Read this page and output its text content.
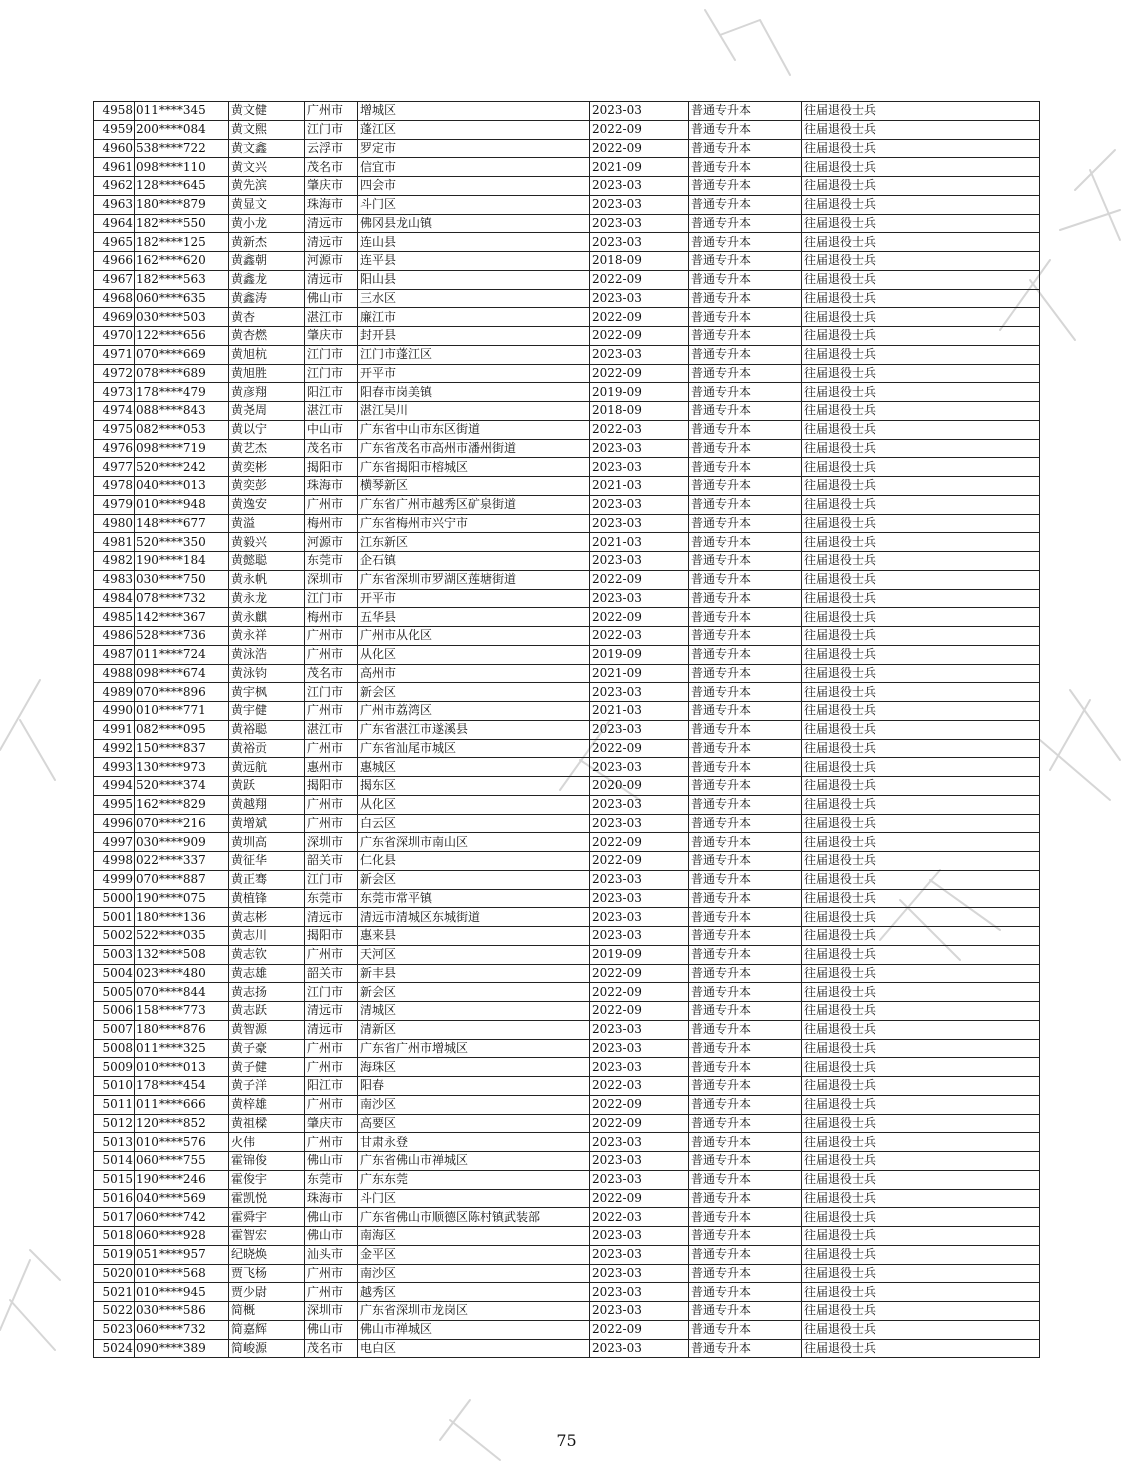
4958	011****345	黄文健	广州市	增城区	2023-03	普通专升本	往届退役士兵
4959	200****084	黄文熙	江门市	蓬江区	2022-09	普通专升本	往届退役士兵
4960	538****722	黄文鑫	云浮市	罗定市	2022-09	普通专升本	往届退役士兵
4961	098****110	黄文兴	茂名市	信宜市	2021-09	普通专升本	往届退役士兵
4962	128****645	黄先滨	肇庆市	四会市	2023-03	普通专升本	往届退役士兵
4963	180****879	黄显文	珠海市	斗门区	2023-03	普通专升本	往届退役士兵
4964	182****550	黄小龙	清远市	佛冈县龙山镇	2023-03	普通专升本	往届退役士兵
4965	182****125	黄新杰	清远市	连山县	2023-03	普通专升本	往届退役士兵
4966	162****620	黄鑫朝	河源市	连平县	2018-09	普通专升本	往届退役士兵
4967	182****563	黄鑫龙	清远市	阳山县	2022-09	普通专升本	往届退役士兵
4968	060****635	黄鑫涛	佛山市	三水区	2023-03	普通专升本	往届退役士兵
4969	030****503	黄杏	湛江市	廉江市	2022-09	普通专升本	往届退役士兵
4970	122****656	黄杏燃	肇庆市	封开县	2022-09	普通专升本	往届退役士兵
4971	070****669	黄旭杭	江门市	江门市蓬江区	2023-03	普通专升本	往届退役士兵
4972	078****689	黄旭胜	江门市	开平市	2022-09	普通专升本	往届退役士兵
4973	178****479	黄彦翔	阳江市	阳春市岗美镇	2019-09	普通专升本	往届退役士兵
4974	088****843	黄尧周	湛江市	湛江吴川	2018-09	普通专升本	往届退役士兵
4975	082****053	黄以宁	中山市	广东省中山市东区街道	2022-03	普通专升本	往届退役士兵
4976	098****719	黄艺杰	茂名市	广东省茂名市高州市潘州街道	2023-03	普通专升本	往届退役士兵
4977	520****242	黄奕彬	揭阳市	广东省揭阳市榕城区	2023-03	普通专升本	往届退役士兵
4978	040****013	黄奕彭	珠海市	横琴新区	2021-03	普通专升本	往届退役士兵
4979	010****948	黄逸安	广州市	广东省广州市越秀区矿泉街道	2023-03	普通专升本	往届退役士兵
4980	148****677	黄溢	梅州市	广东省梅州市兴宁市	2023-03	普通专升本	往届退役士兵
4981	520****350	黄毅兴	河源市	江东新区	2021-03	普通专升本	往届退役士兵
4982	190****184	黄懿聪	东莞市	企石镇	2023-03	普通专升本	往届退役士兵
4983	030****750	黄永帆	深圳市	广东省深圳市罗湖区莲塘街道	2022-09	普通专升本	往届退役士兵
4984	078****732	黄永龙	江门市	开平市	2023-03	普通专升本	往届退役士兵
4985	142****367	黄永麒	梅州市	五华县	2022-09	普通专升本	往届退役士兵
4986	528****736	黄永祥	广州市	广州市从化区	2022-03	普通专升本	往届退役士兵
4987	011****724	黄泳浩	广州市	从化区	2019-09	普通专升本	往届退役士兵
4988	098****674	黄泳钧	茂名市	高州市	2021-09	普通专升本	往届退役士兵
4989	070****896	黄宇枫	江门市	新会区	2023-03	普通专升本	往届退役士兵
4990	010****771	黄宇健	广州市	广州市荔湾区	2021-03	普通专升本	往届退役士兵
4991	082****095	黄裕聪	湛江市	广东省湛江市遂溪县	2023-03	普通专升本	往届退役士兵
4992	150****837	黄裕贡	广州市	广东省汕尾市城区	2022-09	普通专升本	往届退役士兵
4993	130****973	黄远航	惠州市	惠城区	2023-03	普通专升本	往届退役士兵
4994	520****374	黄跃	揭阳市	揭东区	2020-09	普通专升本	往届退役士兵
4995	162****829	黄越翔	广州市	从化区	2023-03	普通专升本	往届退役士兵
4996	070****216	黄增斌	广州市	白云区	2023-03	普通专升本	往届退役士兵
4997	030****909	黄圳高	深圳市	广东省深圳市南山区	2022-09	普通专升本	往届退役士兵
4998	022****337	黄征华	韶关市	仁化县	2022-09	普通专升本	往届退役士兵
4999	070****887	黄正骞	江门市	新会区	2023-03	普通专升本	往届退役士兵
5000	190****075	黄植锋	东莞市	东莞市常平镇	2023-03	普通专升本	往届退役士兵
5001	180****136	黄志彬	清远市	清远市清城区东城街道	2023-03	普通专升本	往届退役士兵
5002	522****035	黄志川	揭阳市	惠来县	2023-03	普通专升本	往届退役士兵
5003	132****508	黄志钦	广州市	天河区	2019-09	普通专升本	往届退役士兵
5004	023****480	黄志雄	韶关市	新丰县	2022-09	普通专升本	往届退役士兵
5005	070****844	黄志扬	江门市	新会区	2022-09	普通专升本	往届退役士兵
5006	158****773	黄志跃	清远市	清城区	2022-09	普通专升本	往届退役士兵
5007	180****876	黄智源	清远市	清新区	2023-03	普通专升本	往届退役士兵
5008	011****325	黄子豪	广州市	广东省广州市增城区	2023-03	普通专升本	往届退役士兵
5009	010****013	黄子健	广州市	海珠区	2023-03	普通专升本	往届退役士兵
5010	178****454	黄子洋	阳江市	阳春	2022-03	普通专升本	往届退役士兵
5011	011****666	黄梓雄	广州市	南沙区	2022-09	普通专升本	往届退役士兵
5012	120****852	黄祖樑	肇庆市	高要区	2022-09	普通专升本	往届退役士兵
5013	010****576	火伟	广州市	甘肃永登	2023-03	普通专升本	往届退役士兵
5014	060****755	霍锦俊	佛山市	广东省佛山市禅城区	2023-03	普通专升本	往届退役士兵
5015	190****246	霍俊宇	东莞市	广东东莞	2023-03	普通专升本	往届退役士兵
5016	040****569	霍凯悦	珠海市	斗门区	2022-09	普通专升本	往届退役士兵
5017	060****742	霍舜宇	佛山市	广东省佛山市顺德区陈村镇武装部	2022-03	普通专升本	往届退役士兵
5018	060****928	霍智宏	佛山市	南海区	2023-03	普通专升本	往届退役士兵
5019	051****957	纪晓焕	汕头市	金平区	2023-03	普通专升本	往届退役士兵
5020	010****568	贾飞杨	广州市	南沙区	2023-03	普通专升本	往届退役士兵
5021	010****945	贾少尉	广州市	越秀区	2023-03	普通专升本	往届退役士兵
5022	030****586	简概	深圳市	广东省深圳市龙岗区	2023-03	普通专升本	往届退役士兵
5023	060****732	简嘉辉	佛山市	佛山市禅城区	2022-09	普通专升本	往届退役士兵
5024	090****389	简峻源	茂名市	电白区	2023-03	普通专升本	往届退役士兵
75
